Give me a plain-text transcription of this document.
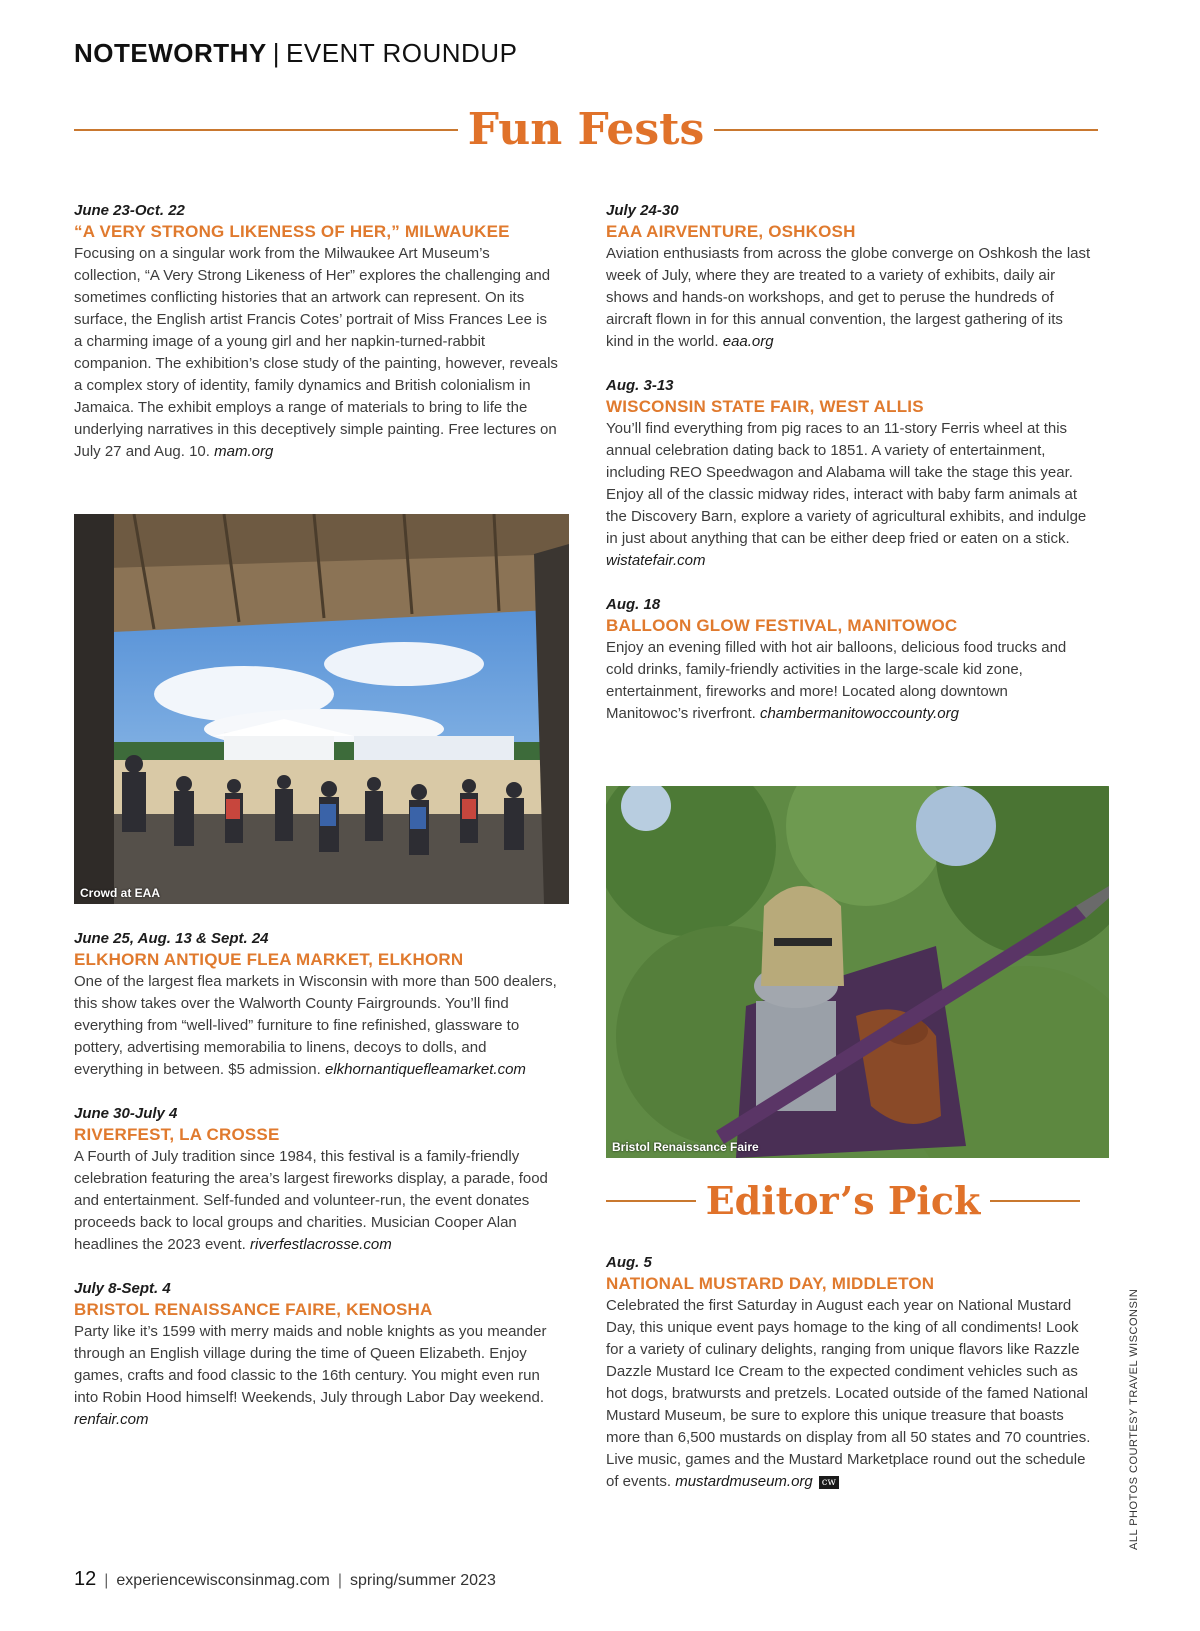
NOTEWORTHY | EVENT ROUNDUP
Fun Fests
June 23-Oct. 22
“A VERY STRONG LIKENESS OF HER,” MILWAUKEE
Focusing on a singular work from the Milwaukee Art Museum’s collection, “A Very Strong Likeness of Her” explores the challenging and sometimes conflicting histories that an artwork can represent. On its surface, the English artist Francis Cotes’ portrait of Miss Frances Lee is a charming image of a young girl and her napkin-turned-rabbit companion. The exhibition’s close study of the painting, however, reveals a complex story of identity, family dynamics and British colonialism in Jamaica. The exhibit employs a range of materials to bring to life the underlying narratives in this deceptively simple painting. Free lectures on July 27 and Aug. 10. mam.org
Crowd at EAA
June 25, Aug. 13 & Sept. 24
ELKHORN ANTIQUE FLEA MARKET, ELKHORN
One of the largest flea markets in Wisconsin with more than 500 dealers, this show takes over the Walworth County Fairgrounds. You’ll find everything from “well-lived” furniture to fine refinished, glassware to pottery, advertising memorabilia to linens, decoys to dolls, and everything in between. $5 admission. elkhornantiquefleamarket.com
June 30-July 4
RIVERFEST, LA CROSSE
A Fourth of July tradition since 1984, this festival is a family-friendly celebration featuring the area’s largest fireworks display, a parade, food and entertainment. Self-funded and volunteer-run, the event donates proceeds back to local groups and charities. Musician Cooper Alan headlines the 2023 event. riverfestlacrosse.com
July 8-Sept. 4
BRISTOL RENAISSANCE FAIRE, KENOSHA
Party like it’s 1599 with merry maids and noble knights as you meander through an English village during the time of Queen Elizabeth. Enjoy games, crafts and food classic to the 16th century. You might even run into Robin Hood himself! Weekends, July through Labor Day weekend. renfair.com
July 24-30
EAA AIRVENTURE, OSHKOSH
Aviation enthusiasts from across the globe converge on Oshkosh the last week of July, where they are treated to a variety of exhibits, daily air shows and hands-on workshops, and get to peruse the hundreds of aircraft flown in for this annual convention, the largest gathering of its kind in the world. eaa.org
Aug. 3-13
WISCONSIN STATE FAIR, WEST ALLIS
You’ll find everything from pig races to an 11-story Ferris wheel at this annual celebration dating back to 1851. A variety of entertainment, including REO Speedwagon and Alabama will take the stage this year. Enjoy all of the classic midway rides, interact with baby farm animals at the Discovery Barn, explore a variety of agricultural exhibits, and indulge in just about anything that can be either deep fried or eaten on a stick. wistatefair.com
Aug. 18
BALLOON GLOW FESTIVAL, MANITOWOC
Enjoy an evening filled with hot air balloons, delicious food trucks and cold drinks, family-friendly activities in the large-scale kid zone, entertainment, fireworks and more! Located along downtown Manitowoc’s riverfront. chambermanitowoccounty.org
Bristol Renaissance Faire
Editor’s Pick
Aug. 5
NATIONAL MUSTARD DAY, MIDDLETON
Celebrated the first Saturday in August each year on National Mustard Day, this unique event pays homage to the king of all condiments! Look for a variety of culinary delights, ranging from unique flavors like Razzle Dazzle Mustard Ice Cream to the expected condiment vehicles such as hot dogs, bratwursts and pretzels. Located outside of the famed National Mustard Museum, be sure to explore this unique treasure that boasts more than 6,500 mustards on display from all 50 states and 70 countries. Live music, games and the Mustard Marketplace round out the schedule of events. mustardmuseum.org cw	ALL PHOTOS COURTESY TRAVEL WISCONSIN
12 | experiencewisconsinmag.com | spring/summer 2023
